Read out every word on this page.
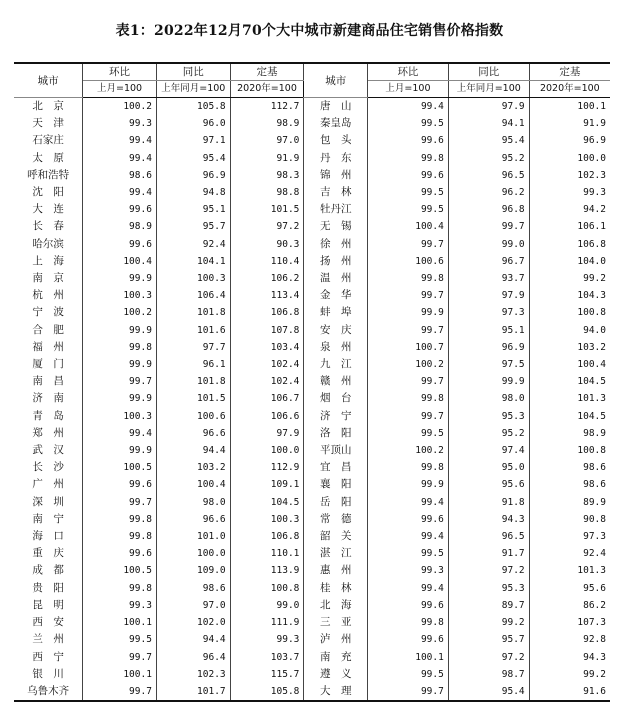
表1：2022年12月70个大中城市新建商品住宅销售价格指数
城市	环比	同比	定基	城市	环比	同比	定基
	上月=100	上年同月=100	2020年=100		上月=100	上年同月=100	2020年=100
北　京	100.2	105.8	112.7	唐　山	99.4	97.9	100.1
天　津	99.3	96.0	98.9	秦皇岛	99.5	94.1	91.9
石家庄	99.4	97.1	97.0	包　头	99.6	95.4	96.9
太　原	99.4	95.4	91.9	丹　东	99.8	95.2	100.0
呼和浩特	98.6	96.9	98.3	锦　州	99.6	96.5	102.3
沈　阳	99.4	94.8	98.8	吉　林	99.5	96.2	99.3
大　连	99.6	95.1	101.5	牡丹江	99.5	96.8	94.2
长　春	98.9	95.7	97.2	无　锡	100.4	99.7	106.1
哈尔滨	99.6	92.4	90.3	徐　州	99.7	99.0	106.8
上　海	100.4	104.1	110.4	扬　州	100.6	96.7	104.0
南　京	99.9	100.3	106.2	温　州	99.8	93.7	99.2
杭　州	100.3	106.4	113.4	金　华	99.7	97.9	104.3
宁　波	100.2	101.8	106.8	蚌　埠	99.9	97.3	100.8
合　肥	99.9	101.6	107.8	安　庆	99.7	95.1	94.0
福　州	99.8	97.7	103.4	泉　州	100.7	96.9	103.2
厦　门	99.9	96.1	102.4	九　江	100.2	97.5	100.4
南　昌	99.7	101.8	102.4	赣　州	99.7	99.9	104.5
济　南	99.9	101.5	106.7	烟　台	99.8	98.0	101.3
青　岛	100.3	100.6	106.6	济　宁	99.7	95.3	104.5
郑　州	99.4	96.6	97.9	洛　阳	99.5	95.2	98.9
武　汉	99.9	94.4	100.0	平顶山	100.2	97.4	100.8
长　沙	100.5	103.2	112.9	宜　昌	99.8	95.0	98.6
广　州	99.6	100.4	109.1	襄　阳	99.9	95.6	98.6
深　圳	99.7	98.0	104.5	岳　阳	99.4	91.8	89.9
南　宁	99.8	96.6	100.3	常　德	99.6	94.3	90.8
海　口	99.8	101.0	106.8	韶　关	99.4	96.5	97.3
重　庆	99.6	100.0	110.1	湛　江	99.5	91.7	92.4
成　都	100.5	109.0	113.9	惠　州	99.3	97.2	101.3
贵　阳	99.8	98.6	100.8	桂　林	99.4	95.3	95.6
昆　明	99.3	97.0	99.0	北　海	99.6	89.7	86.2
西　安	100.1	102.0	111.9	三　亚	99.8	99.2	107.3
兰　州	99.5	94.4	99.3	泸　州	99.6	95.7	92.8
西　宁	99.7	96.4	103.7	南　充	100.1	97.2	94.3
银　川	100.1	102.3	115.7	遵　义	99.5	98.7	99.2
乌鲁木齐	99.7	101.7	105.8	大　理	99.7	95.4	91.6
